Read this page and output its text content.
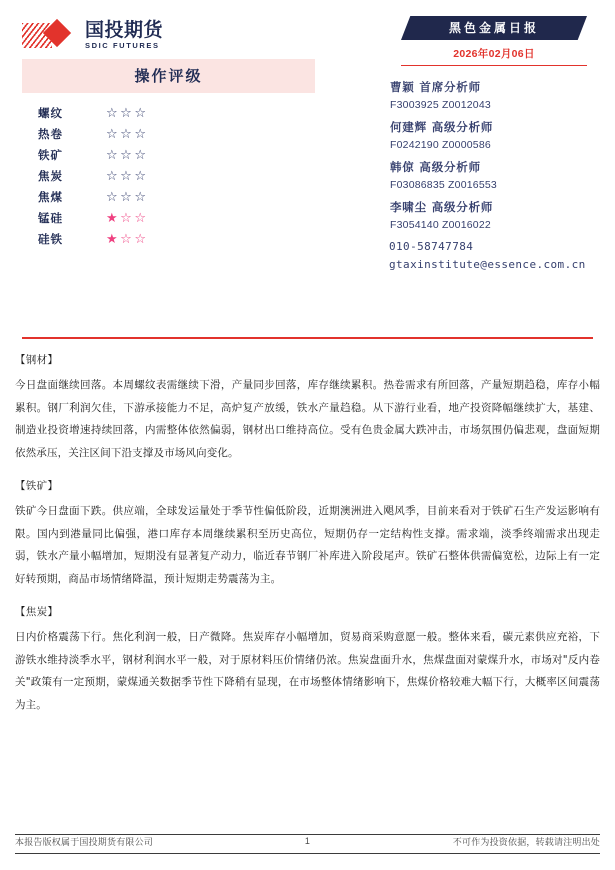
国投期货
SDIC FUTURES
操作评级
螺纹	☆☆☆
热卷	☆☆☆
铁矿	☆☆☆
焦炭	☆☆☆
焦煤	☆☆☆
锰硅	★☆☆
硅铁	★☆☆
黑色金属日报
2026年02月06日
曹颖 首席分析师
F3003925 Z0012043
何建辉 高级分析师
F0242190 Z0000586
韩倞 高级分析师
F03086835 Z0016553
李啸尘 高级分析师
F3054140 Z0016022
010-58747784
gtaxinstitute@essence.com.cn
【钢材】
今日盘面继续回落。本周螺纹表需继续下滑，产量同步回落，库存继续累积。热卷需求有所回落，产量短期趋稳，库存小幅累积。钢厂利润欠佳，下游承接能力不足，高炉复产放缓，铁水产量趋稳。从下游行业看，地产投资降幅继续扩大，基建、制造业投资增速持续回落，内需整体依然偏弱，钢材出口维持高位。受有色贵金属大跌冲击，市场氛围仍偏悲观，盘面短期依然承压，关注区间下沿支撑及市场风向变化。
【铁矿】
铁矿今日盘面下跌。供应端，全球发运量处于季节性偏低阶段，近期澳洲进入飓风季，目前来看对于铁矿石生产发运影响有限。国内到港量同比偏强，港口库存本周继续累积至历史高位，短期仍存一定结构性支撑。需求端，淡季终端需求出现走弱，铁水产量小幅增加，短期没有显著复产动力，临近春节钢厂补库进入阶段尾声。铁矿石整体供需偏宽松，边际上有一定好转预期，商品市场情绪降温，预计短期走势震荡为主。
【焦炭】
日内价格震荡下行。焦化利润一般，日产微降。焦炭库存小幅增加，贸易商采购意愿一般。整体来看，碳元素供应充裕，下游铁水维持淡季水平，钢材利润水平一般，对于原材料压价情绪仍浓。焦炭盘面升水，焦煤盘面对蒙煤升水，市场对"反内卷关"政策有一定预期，蒙煤通关数据季节性下降稍有显现，在市场整体情绪影响下，焦煤价格较难大幅下行，大概率区间震荡为主。
本报告版权属于国投期货有限公司	1	不可作为投资依据，转载请注明出处
